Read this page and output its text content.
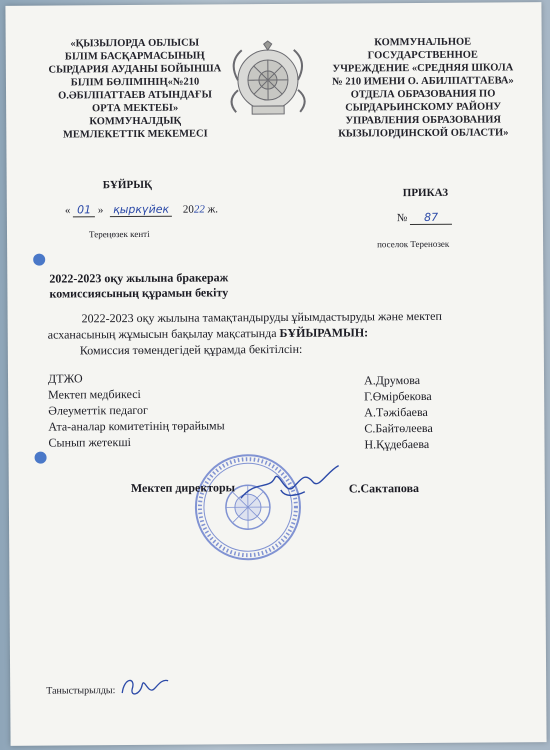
«ҚЫЗЫЛОРДА ОБЛЫСЫ
БІЛІМ БАСҚАРМАСЫНЫҢ
СЫРДАРИЯ АУДАНЫ БОЙЫНША
БІЛІМ БӨЛІМІНІҢ«№210
О.ӘБІЛПАТТАЕВ АТЫНДАҒЫ
ОРТА МЕКТЕБІ»
КОММУНАЛДЫҚ
МЕМЛЕКЕТТІК МЕКЕМЕСІ
КОММУНАЛЬНОЕ
ГОСУДАРСТВЕННОЕ
УЧРЕЖДЕНИЕ «СРЕДНЯЯ ШКОЛА
№ 210 ИМЕНИ О. АБИЛПАТТАЕВА»
ОТДЕЛА ОБРАЗОВАНИЯ ПО
СЫРДАРЬИНСКОМУ РАЙОНУ
УПРАВЛЕНИЯ ОБРАЗОВАНИЯ
КЫЗЫЛОРДИНСКОЙ ОБЛАСТИ»
БҰЙРЫҚ
ПРИКАЗ
« 01 » қыркүйек 2022 ж.
№ 87
Тереңөзек кенті
поселок Теренозек
2022-2023 оқу жылына бракераж
комиссиясының құрамын бекіту
2022-2023 оқу жылына тамақтандыруды ұйымдастыруды және мектеп
асханасының жұмысын бақылау мақсатында БҰЙЫРАМЫН:
Комиссия төмендегідей құрамда бекітілсін:
ДТЖО
Мектеп медбикесі
Әлеуметтік педагог
Ата-аналар комитетінің төрайымы
Сынып жетекші
А.Друмова
Г.Өмірбекова
А.Тәжібаева
С.Байтөлеева
Н.Құдебаева
Мектеп директоры	С.Сактапова
Таныстырылды:
